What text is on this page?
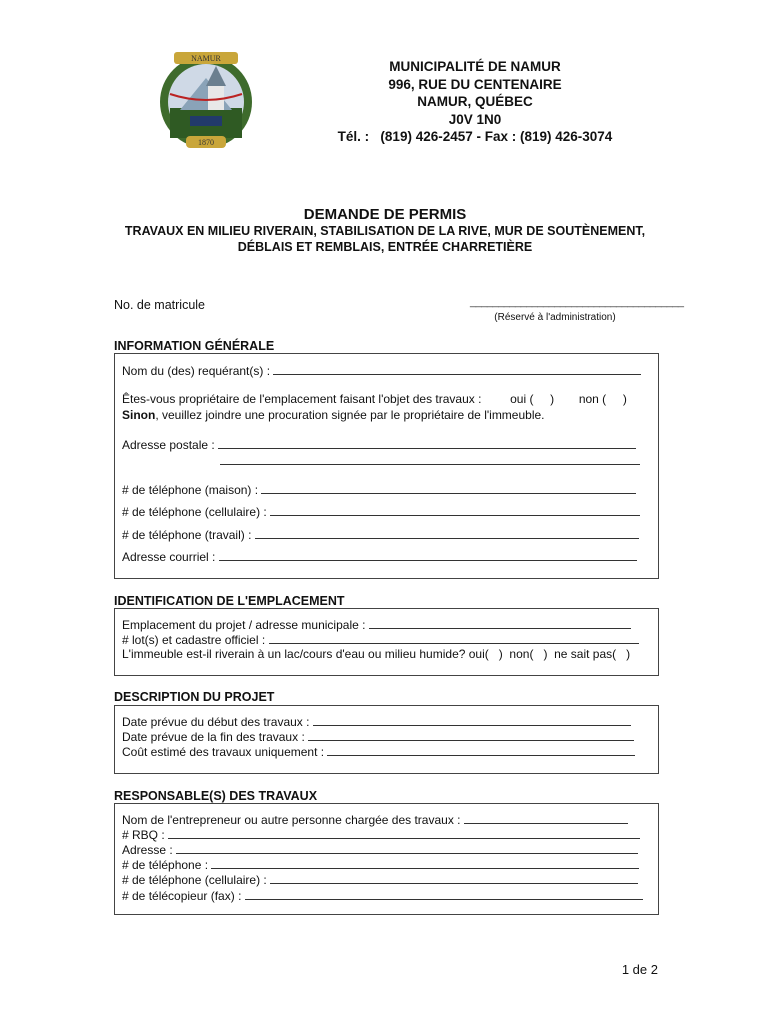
NAMUR
1870
MUNICIPALITÉ DE NAMUR
996, RUE DU CENTENAIRE
NAMUR, QUÉBEC
J0V 1N0
Tél. :   (819) 426-2457 - Fax : (819) 426-3074
DEMANDE DE PERMIS
TRAVAUX EN MILIEU RIVERAIN, STABILISATION DE LA RIVE, MUR DE SOUTÈNEMENT,
DÉBLAIS ET REMBLAIS, ENTRÉE CHARRETIÈRE
No. de matricule	______________________________________
(Réservé à l'administration)
INFORMATION GÉNÉRALE
Nom du (des) requérant(s) :
Êtes-vous propriétaire de l'emplacement faisant l'objet des travaux : oui (     ) non (     )
Sinon, veuillez joindre une procuration signée par le propriétaire de l'immeuble.
Adresse postale :
# de téléphone (maison) :
# de téléphone (cellulaire) :
# de téléphone (travail) :
Adresse courriel :
IDENTIFICATION DE L'EMPLACEMENT
Emplacement du projet / adresse municipale :
# lot(s) et cadastre officiel :
L'immeuble est-il riverain à un lac/cours d'eau ou milieu humide? oui(   )  non(   )  ne sait pas(   )
DESCRIPTION DU PROJET
Date prévue du début des travaux :
Date prévue de la fin des travaux :
Coût estimé des travaux uniquement :
RESPONSABLE(S) DES TRAVAUX
Nom de l'entrepreneur ou autre personne chargée des travaux :
# RBQ :
Adresse :
# de téléphone :
# de téléphone (cellulaire) :
# de télécopieur (fax) :
1 de 2
